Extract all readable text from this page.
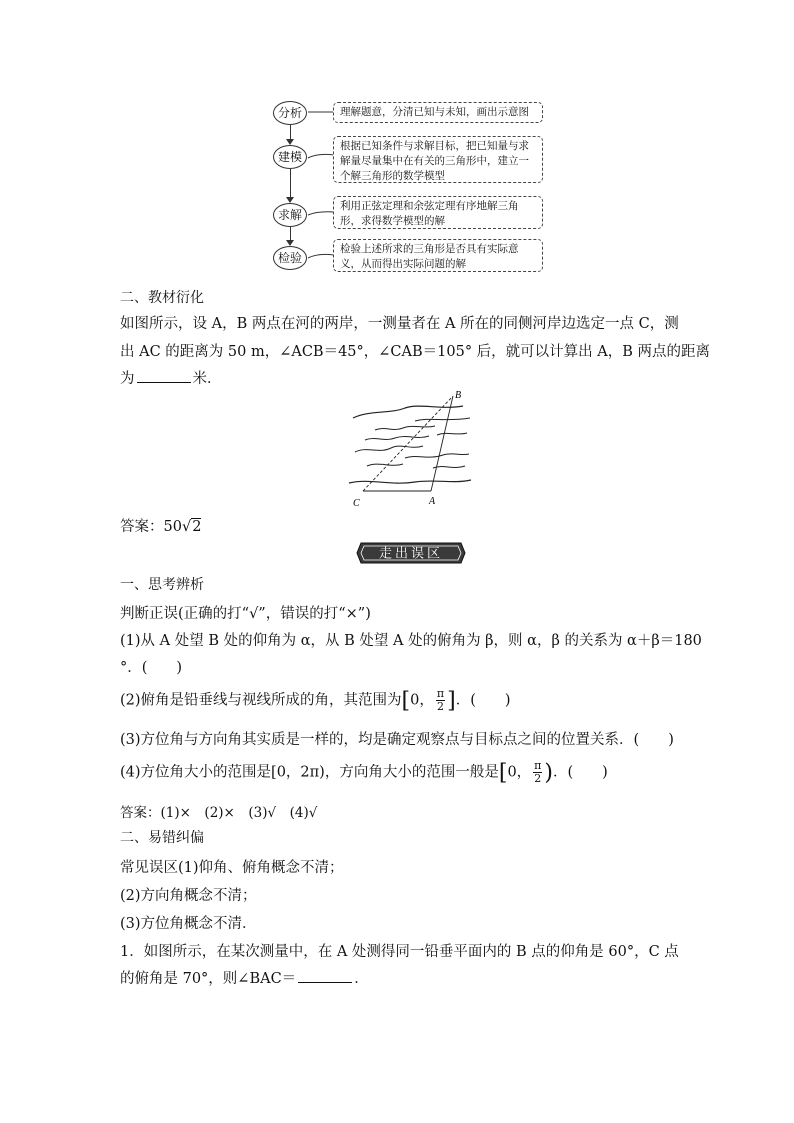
分析
建模
求解
检验
理解题意，分清已知与未知，画出示意图
根据已知条件与求解目标，把已知量与求解量尽量集中在有关的三角形中，建立一个解三角形的数学模型
利用正弦定理和余弦定理有序地解三角形，求得数学模型的解
检验上述所求的三角形是否具有实际意义，从而得出实际问题的解
二、教材衍化
如图所示，设 A，B 两点在河的两岸，一测量者在 A 所在的同侧河岸边选定一点 C，测
出 AC 的距离为 50 m，∠ACB＝45°，∠CAB＝105° 后，就可以计算出 A，B 两点的距离
为	米．
B
C	A
答案：50√2
走出误区
一、思考辨析
判断正误(正确的打“√”，错误的打“×”)
(1)从 A 处望 B 处的仰角为 α，从 B 处望 A 处的俯角为 β，则 α，β 的关系为 α＋β＝180
°．(　　)
(2)俯角是铅垂线与视线所成的角，其范围为[0， $\frac{\pi}{2}$ ]．(　　)
(3)方位角与方向角其实质是一样的，均是确定观察点与目标点之间的位置关系．(　　)
(4)方位角大小的范围是[0，2π)，方向角大小的范围一般是[0， $\frac{\pi}{2}$ )．(　　)
答案：(1)×　(2)×　(3)√　(4)√
二、易错纠偏
常见误区(1)仰角、俯角概念不清；
(2)方向角概念不清；
(3)方位角概念不清．
1．如图所示，在某次测量中，在 A 处测得同一铅垂平面内的 B 点的仰角是 60°，C 点
的俯角是 70°，则∠BAC＝	．
